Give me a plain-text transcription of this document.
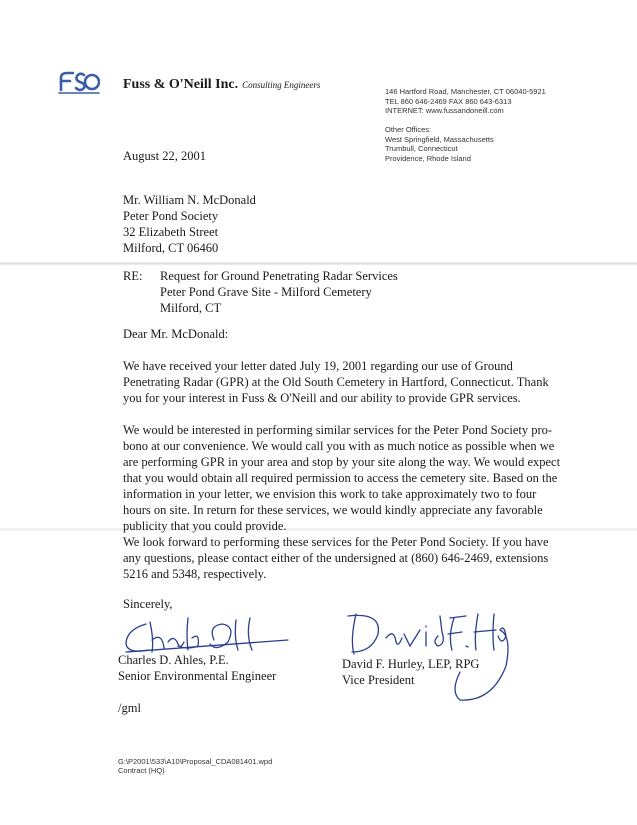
Fuss & O'Neill Inc. Consulting Engineers
146 Hartford Road, Manchester, CT 06040-5921
TEL 860 646-2469 FAX 860 643-6313
INTERNET: www.fussandoneill.com
Other Offices:
West Springfield, Massachusetts
Trumbull, Connecticut
Providence, Rhode Island
August 22, 2001
Mr. William N. McDonald
Peter Pond Society
32 Elizabeth Street
Milford, CT 06460
RE: Request for Ground Penetrating Radar Services
Peter Pond Grave Site - Milford Cemetery
Milford, CT
Dear Mr. McDonald:
We have received your letter dated July 19, 2001 regarding our use of Ground
Penetrating Radar (GPR) at the Old South Cemetery in Hartford, Connecticut. Thank
you for your interest in Fuss & O'Neill and our ability to provide GPR services.
We would be interested in performing similar services for the Peter Pond Society pro-
bono at our convenience. We would call you with as much notice as possible when we
are performing GPR in your area and stop by your site along the way. We would expect
that you would obtain all required permission to access the cemetery site. Based on the
information in your letter, we envision this work to take approximately two to four
hours on site. In return for these services, we would kindly appreciate any favorable
publicity that you could provide.
We look forward to performing these services for the Peter Pond Society. If you have
any questions, please contact either of the undersigned at (860) 646-2469, extensions
5216 and 5348, respectively.
Sincerely,
Charles D. Ahles, P.E.
Senior Environmental Engineer
David F. Hurley, LEP, RPG
Vice President
/gml
G:\P2001\533\A10\Proposal_CDA081401.wpd
Contract (HQ)
